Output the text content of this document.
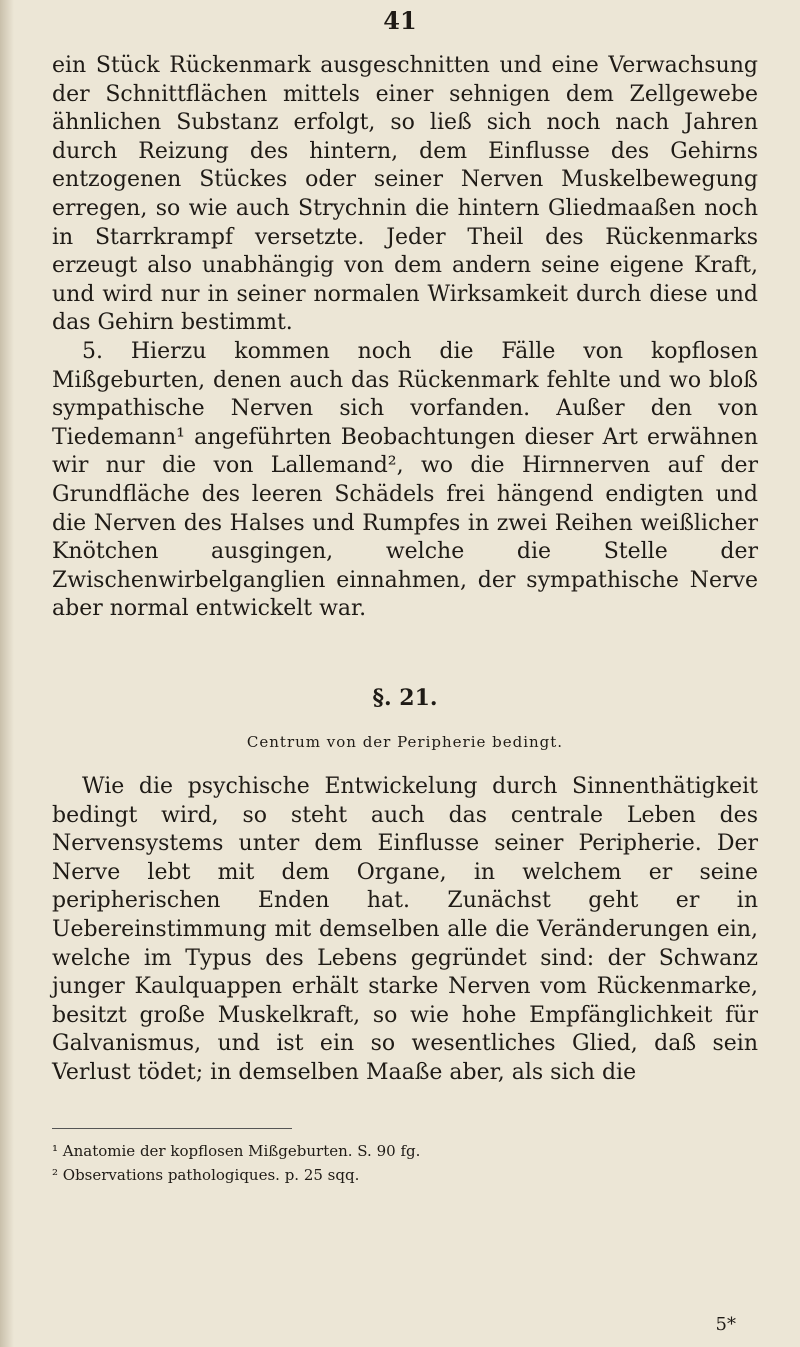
41

ein Stück Rückenmark ausgeschnitten und eine Verwachsung der Schnittflächen mittels einer sehnigen dem Zellgewebe ähnlichen Substanz erfolgt, so ließ sich noch nach Jahren durch Reizung des hintern, dem Einflusse des Gehirns entzogenen Stückes oder seiner Nerven Muskelbewegung erregen, so wie auch Strychnin die hintern Gliedmaaßen noch in Starrkrampf versetzte. Jeder Theil des Rückenmarks erzeugt also unabhängig von dem andern seine eigene Kraft, und wird nur in seiner normalen Wirksamkeit durch diese und das Gehirn bestimmt.

5. Hierzu kommen noch die Fälle von kopflosen Mißgeburten, denen auch das Rückenmark fehlte und wo bloß sympathische Nerven sich vorfanden. Außer den von Tiedemann¹ angeführten Beobachtungen dieser Art erwähnen wir nur die von Lallemand², wo die Hirnnerven auf der Grundfläche des leeren Schädels frei hängend endigten und die Nerven des Halses und Rumpfes in zwei Reihen weißlicher Knötchen ausgingen, welche die Stelle der Zwischenwirbelganglien einnahmen, der sympathische Nerve aber normal entwickelt war.

§. 21.
Centrum von der Peripherie bedingt.

Wie die psychische Entwickelung durch Sinnenthätigkeit bedingt wird, so steht auch das centrale Leben des Nervensystems unter dem Einflusse seiner Peripherie. Der Nerve lebt mit dem Organe, in welchem er seine peripherischen Enden hat. Zunächst geht er in Uebereinstimmung mit demselben alle die Veränderungen ein, welche im Typus des Lebens gegründet sind: der Schwanz junger Kaulquappen erhält starke Nerven vom Rückenmarke, besitzt große Muskelkraft, so wie hohe Empfänglichkeit für Galvanismus, und ist ein so wesentliches Glied, daß sein Verlust tödet; in demselben Maaße aber, als sich die

¹ Anatomie der kopflosen Mißgeburten. S. 90 fg.

² Observations pathologiques. p. 25 sqq.

5*
